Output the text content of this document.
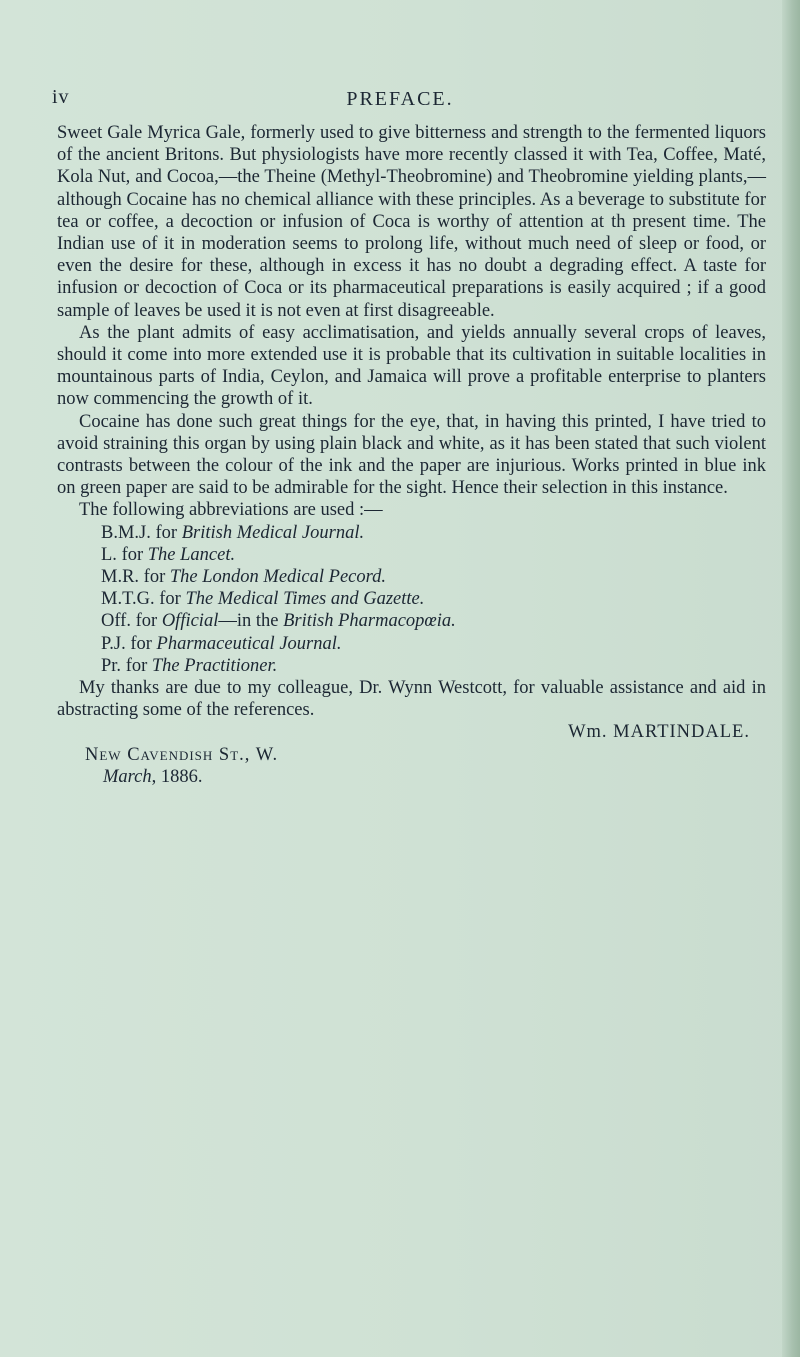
iv	PREFACE.

Sweet Gale Myrica Gale, formerly used to give bitterness and strength to the fermented liquors of the ancient Britons. But physiologists have more recently classed it with Tea, Coffee, Maté, Kola Nut, and Cocoa,—the Theine (Methyl-Theobromine) and Theobromine yielding plants,—although Cocaine has no chemical alliance with these principles. As a beverage to substitute for tea or coffee, a decoction or infusion of Coca is worthy of attention at th present time. The Indian use of it in moderation seems to prolong life, without much need of sleep or food, or even the desire for these, although in excess it has no doubt a degrading effect. A taste for infusion or decoction of Coca or its pharmaceutical preparations is easily acquired ; if a good sample of leaves be used it is not even at first disagreeable.

As the plant admits of easy acclimatisation, and yields annually several crops of leaves, should it come into more extended use it is probable that its cultivation in suitable localities in mountainous parts of India, Ceylon, and Jamaica will prove a profitable enterprise to planters now commencing the growth of it.

Cocaine has done such great things for the eye, that, in having this printed, I have tried to avoid straining this organ by using plain black and white, as it has been stated that such violent contrasts between the colour of the ink and the paper are injurious. Works printed in blue ink on green paper are said to be admirable for the sight. Hence their selection in this instance.

The following abbreviations are used :—

B.M.J. for British Medical Journal.

L. for The Lancet.

M.R. for The London Medical Pecord.

M.T.G. for The Medical Times and Gazette.

Off. for Official—in the British Pharmacopœia.

P.J. for Pharmaceutical Journal.

Pr. for The Practitioner.

My thanks are due to my colleague, Dr. Wynn Westcott, for valuable assistance and aid in abstracting some of the references.

Wm. MARTINDALE.

New Cavendish St., W.

March, 1886.
